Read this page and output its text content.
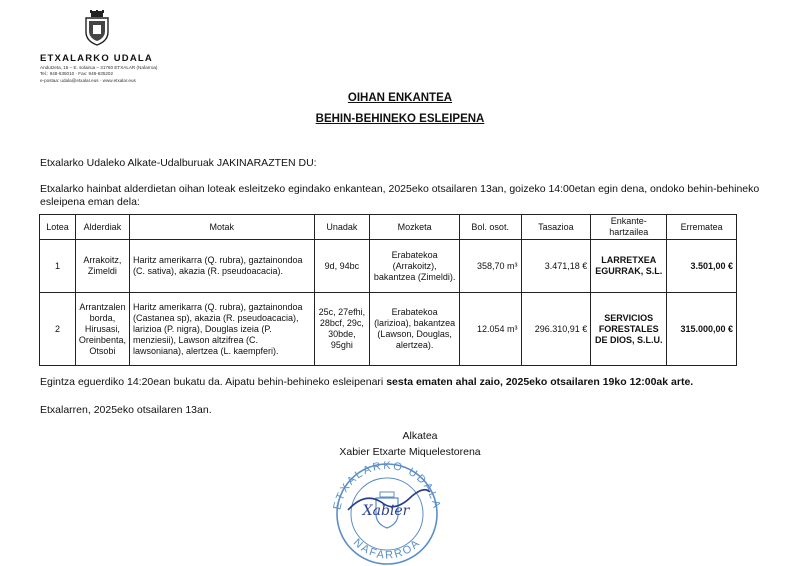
ETXALARKO UDALA
Andutzeta, 15 – E. solairua – 31760 ETXALAR (Nafarroa)
Tel.: 948-635010 · Fax: 948-635202
e-postaa: udala@etxalar.eus · www.etxalar.eus
OIHAN ENKANTEA
BEHIN-BEHINEKO ESLEIPENA
Etxalarko Udaleko Alkate-Udalburuak JAKINARAZTEN DU:
Etxalarko hainbat alderdietan oihan loteak esleitzeko egindako enkantean, 2025eko otsailaren 13an, goizeko 14:00etan egin dena, ondoko behin-behineko esleipena eman dela:
Lotea	Alderdiak	Motak	Unadak	Mozketa	Bol. osot.	Tasazioa	Enkante-hartzailea	Errematea
1	Arrakoitz, Zimeldi	Haritz amerikarra (Q. rubra), gaztainondoa (C. sativa), akazia (R. pseudoacacia).	9d, 94bc	Erabatekoa (Arrakoitz), bakantzea (Zimeldi).	358,70 m³	3.471,18 €	LARRETXEA EGURRAK, S.L.	3.501,00 €
2	Arrantzalen borda, Hirusasi, Oreinbenta, Otsobi	Haritz amerikarra (Q. rubra), gaztainondoa (Castanea sp), akazia (R. pseudoacacia), larizioa (P. nigra), Douglas izeia (P. menziesii), Lawson altzifrea (C. lawsoniana), alertzea (L. kaempferi).	25c, 27efhi, 28bcf, 29c, 30bde, 95ghi	Erabatekoa (larizioa), bakantzea (Lawson, Douglas, alertzea).	12.054 m³	296.310,91 €	SERVICIOS FORESTALES DE DIOS, S.L.U.	315.000,00 €
Egintza eguerdiko 14:20ean bukatu da. Aipatu behin-behineko esleipenari sesta ematen ahal zaio, 2025eko otsailaren 19ko 12:00ak arte.
Etxalarren, 2025eko otsailaren 13an.
ETXALARKO UDALA
NAFARROA
Xabier
Alkatea
Xabier Etxarte Miquelestorena
